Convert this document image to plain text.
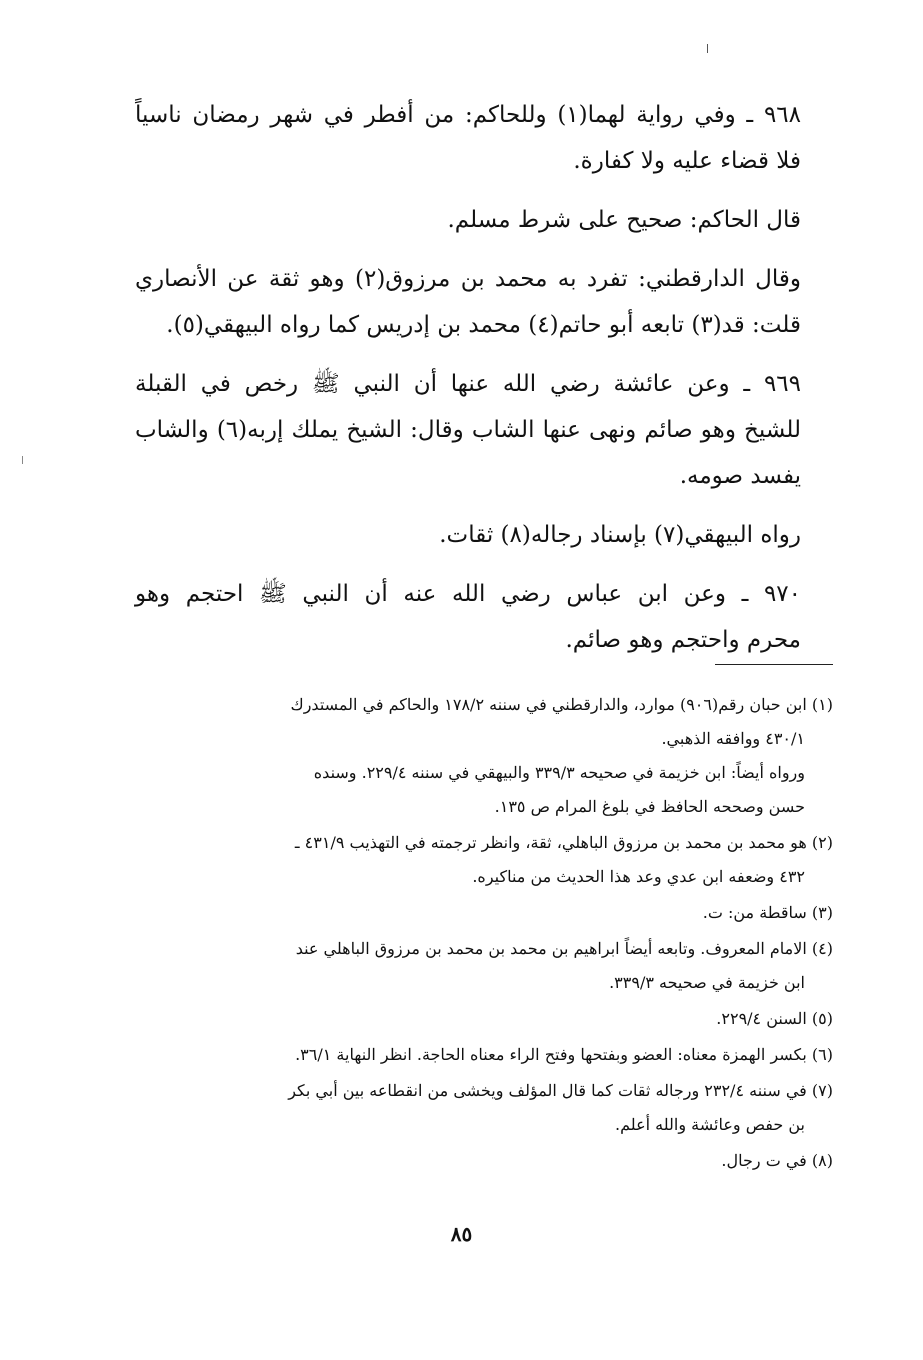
٩٦٨ ـ وفي رواية لهما(١) وللحاكم: من أفطر في شهر رمضان ناسياً
فلا قضاء عليه ولا كفارة.

قال الحاكم: صحيح على شرط مسلم.

وقال الدارقطني: تفرد به محمد بن مرزوق(٢) وهو ثقة عن الأنصاري
قلت: قد(٣) تابعه أبو حاتم(٤) محمد بن إدريس كما رواه البيهقي(٥).

٩٦٩ ـ وعن عائشة رضي الله عنها أن النبي ﷺ رخص في القبلة
للشيخ وهو صائم ونهى عنها الشاب وقال: الشيخ يملك إربه(٦) والشاب
يفسد صومه.

رواه البيهقي(٧) بإسناد رجاله(٨) ثقات.

٩٧٠ ـ وعن ابن عباس رضي الله عنه أن النبي ﷺ احتجم وهو
محرم واحتجم وهو صائم.

(١) ابن حبان رقم(٩٠٦) موارد، والدارقطني في سننه ١٧٨/٢ والحاكم في المستدرك
٤٣٠/١ ووافقه الذهبي.
ورواه أيضاً: ابن خزيمة في صحيحه ٣٣٩/٣ والبيهقي في سننه ٢٢٩/٤. وسنده
حسن وصححه الحافظ في بلوغ المرام ص ١٣٥.
(٢) هو محمد بن محمد بن مرزوق الباهلي، ثقة، وانظر ترجمته في التهذيب ٤٣١/٩ ـ
٤٣٢ وضعفه ابن عدي وعد هذا الحديث من مناكيره.
(٣) ساقطة من: ت.
(٤) الامام المعروف. وتابعه أيضاً ابراهيم بن محمد بن محمد بن مرزوق الباهلي عند
ابن خزيمة في صحيحه ٣٣٩/٣.
(٥) السنن ٢٢٩/٤.
(٦) بكسر الهمزة معناه: العضو وبفتحها وفتح الراء معناه الحاجة. انظر النهاية ٣٦/١.
(٧) في سننه ٢٣٢/٤ ورجاله ثقات كما قال المؤلف ويخشى من انقطاعه بين أبي بكر
بن حفص وعائشة والله أعلم.
(٨) في ت رجال.
٨٥
